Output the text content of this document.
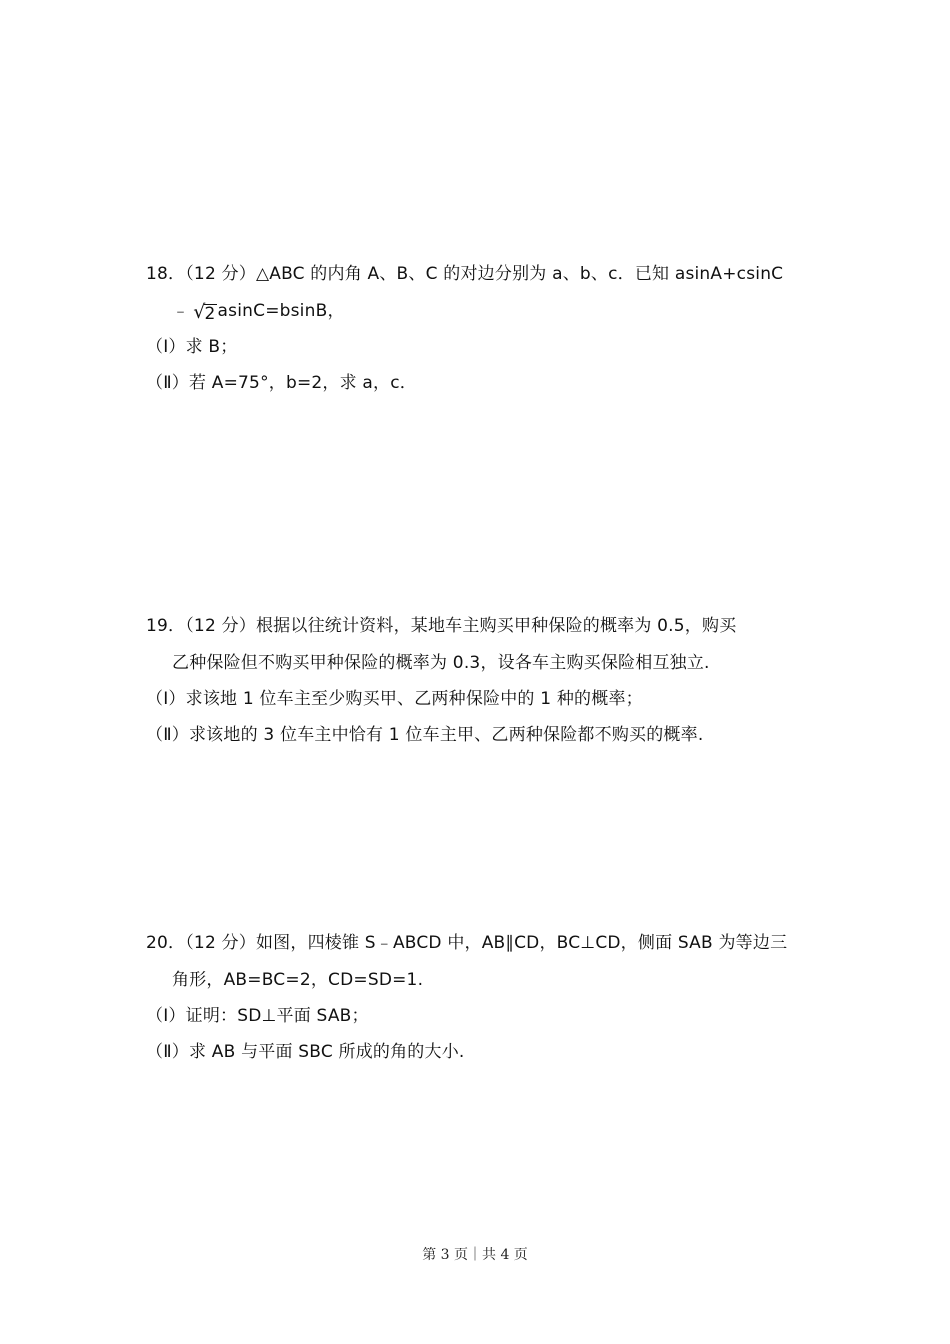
18．（12 分）△ABC 的内角 A、B、C 的对边分别为 a、b、c．已知 asinA+csinC
﹣ √2 asinC=bsinB，
（Ⅰ）求 B；
（Ⅱ）若 A=75°，b=2，求 a，c．
19．（12 分）根据以往统计资料，某地车主购买甲种保险的概率为 0.5，购买
乙种保险但不购买甲种保险的概率为 0.3，设各车主购买保险相互独立.
（Ⅰ）求该地 1 位车主至少购买甲、乙两种保险中的 1 种的概率；
（Ⅱ）求该地的 3 位车主中恰有 1 位车主甲、乙两种保险都不购买的概率.
20．（12 分）如图，四棱锥 S﹣ABCD 中，AB∥CD，BC⊥CD，侧面 SAB 为等边三
角形，AB=BC=2，CD=SD=1.
（Ⅰ）证明：SD⊥平面 SAB；
（Ⅱ）求 AB 与平面 SBC 所成的角的大小.
第 3 页｜共 4 页
